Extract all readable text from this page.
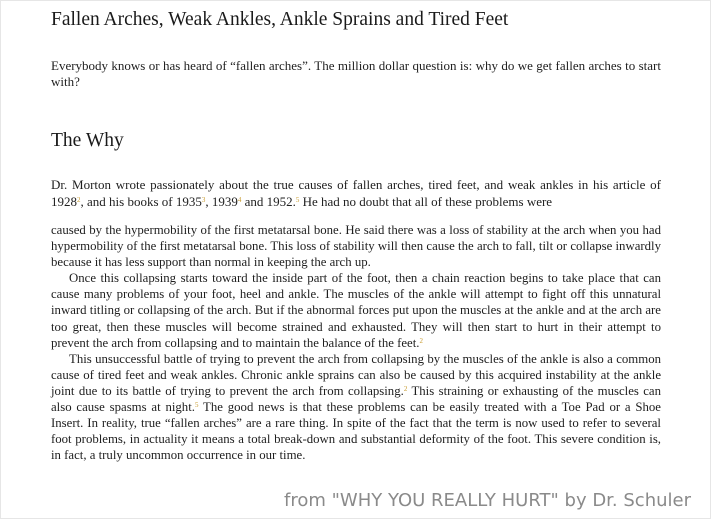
Fallen Arches, Weak Ankles, Ankle Sprains and Tired Feet

Everybody knows or has heard of “fallen arches”. The million dollar question is: why do we get fallen arches to start with?

The Why

Dr. Morton wrote passionately about the true causes of fallen arches, tired feet, and weak ankles in his article of 1928$^2$, and his books of 1935$^3$, 1939$^4$ and 1952.$^5$ He had no doubt that all of these problems were

caused by the hypermobility of the first metatarsal bone. He said there was a loss of stability at the arch when you had hypermobility of the first metatarsal bone. This loss of stability will then cause the arch to fall, tilt or collapse inwardly because it has less support than normal in keeping the arch up.

Once this collapsing starts toward the inside part of the foot, then a chain reaction begins to take place that can cause many problems of your foot, heel and ankle. The muscles of the ankle will attempt to fight off this unnatural inward titling or collapsing of the arch. But if the abnormal forces put upon the muscles at the ankle and at the arch are too great, then these muscles will become strained and exhausted. They will then start to hurt in their attempt to prevent the arch from collapsing and to maintain the balance of the feet.$^2$

This unsuccessful battle of trying to prevent the arch from collapsing by the muscles of the ankle is also a common cause of tired feet and weak ankles. Chronic ankle sprains can also be caused by this acquired instability at the ankle joint due to its battle of trying to prevent the arch from collapsing.$^2$ This straining or exhausting of the muscles can also cause spasms at night.$^5$ The good news is that these problems can be easily treated with a Toe Pad or a Shoe Insert. In reality, true “fallen arches” are a rare thing. In spite of the fact that the term is now used to refer to several foot problems, in actuality it means a total break-down and substantial deformity of the foot. This severe condition is, in fact, a truly uncommon occurrence in our time.

from "WHY YOU REALLY HURT" by Dr. Schuler
